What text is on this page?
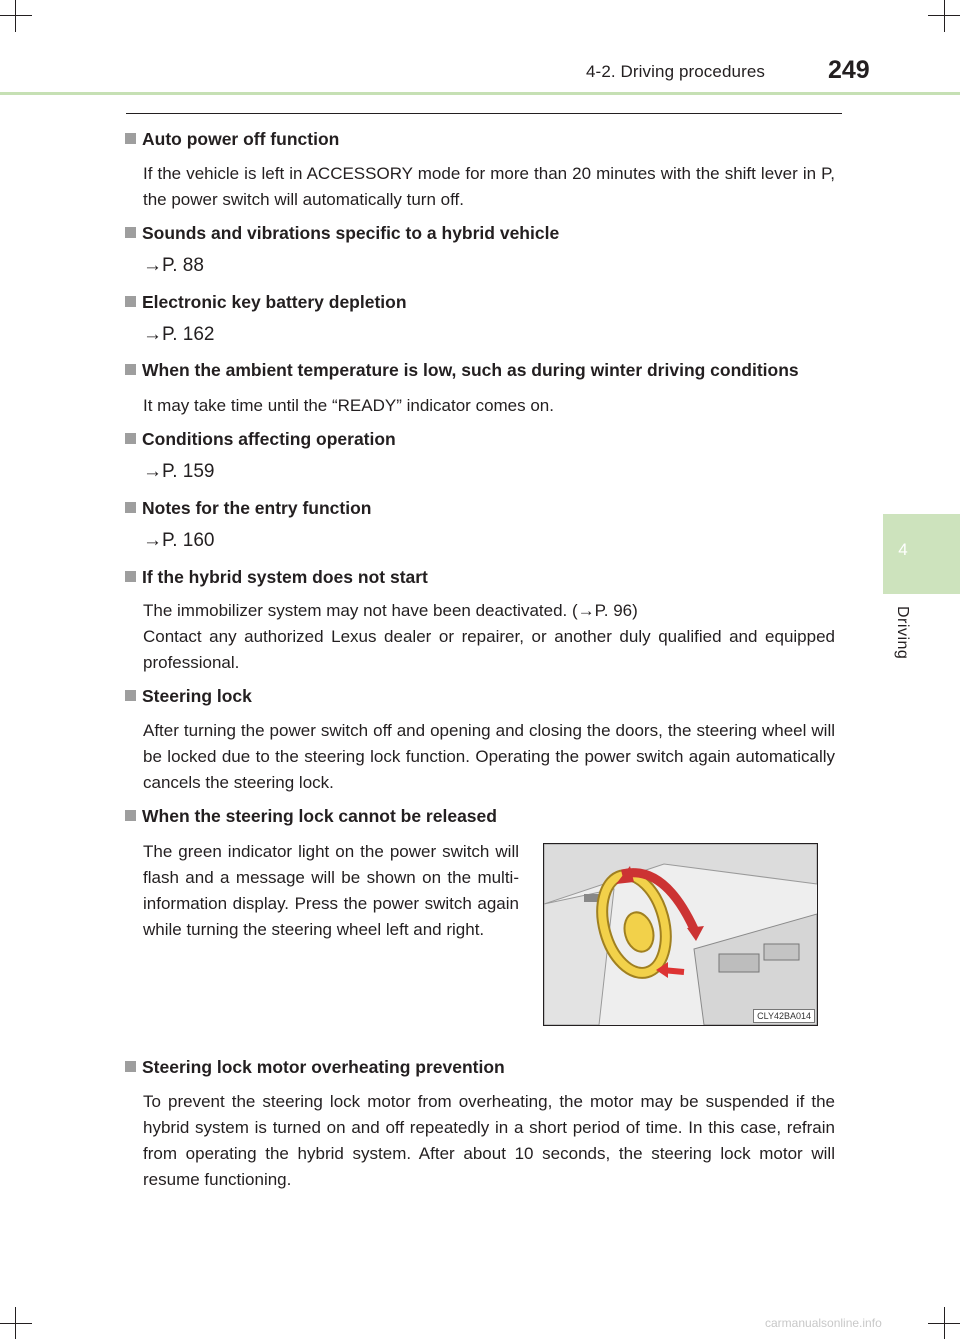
4-2. Driving procedures	249
4
Driving
Auto power off function
If the vehicle is left in ACCESSORY mode for more than 20 minutes with the shift lever in P, the power switch will automatically turn off.
Sounds and vibrations specific to a hybrid vehicle
→P. 88
Electronic key battery depletion
→P. 162
When the ambient temperature is low, such as during winter driving conditions
It may take time until the “READY” indicator comes on.
Conditions affecting operation
→P. 159
Notes for the entry function
→P. 160
If the hybrid system does not start
The immobilizer system may not have been deactivated. (→P. 96)
Contact any authorized Lexus dealer or repairer, or another duly qualified and equipped professional.
Steering lock
After turning the power switch off and opening and closing the doors, the steering wheel will be locked due to the steering lock function. Operating the power switch again automatically cancels the steering lock.
When the steering lock cannot be released
The green indicator light on the power switch will flash and a message will be shown on the multi-information display. Press the power switch again while turning the steering wheel left and right.
CLY42BA014
Steering lock motor overheating prevention
To prevent the steering lock motor from overheating, the motor may be suspended if the hybrid system is turned on and off repeatedly in a short period of time. In this case, refrain from operating the hybrid system. After about 10 seconds, the steering lock motor will resume functioning.
carmanualsonline.info
